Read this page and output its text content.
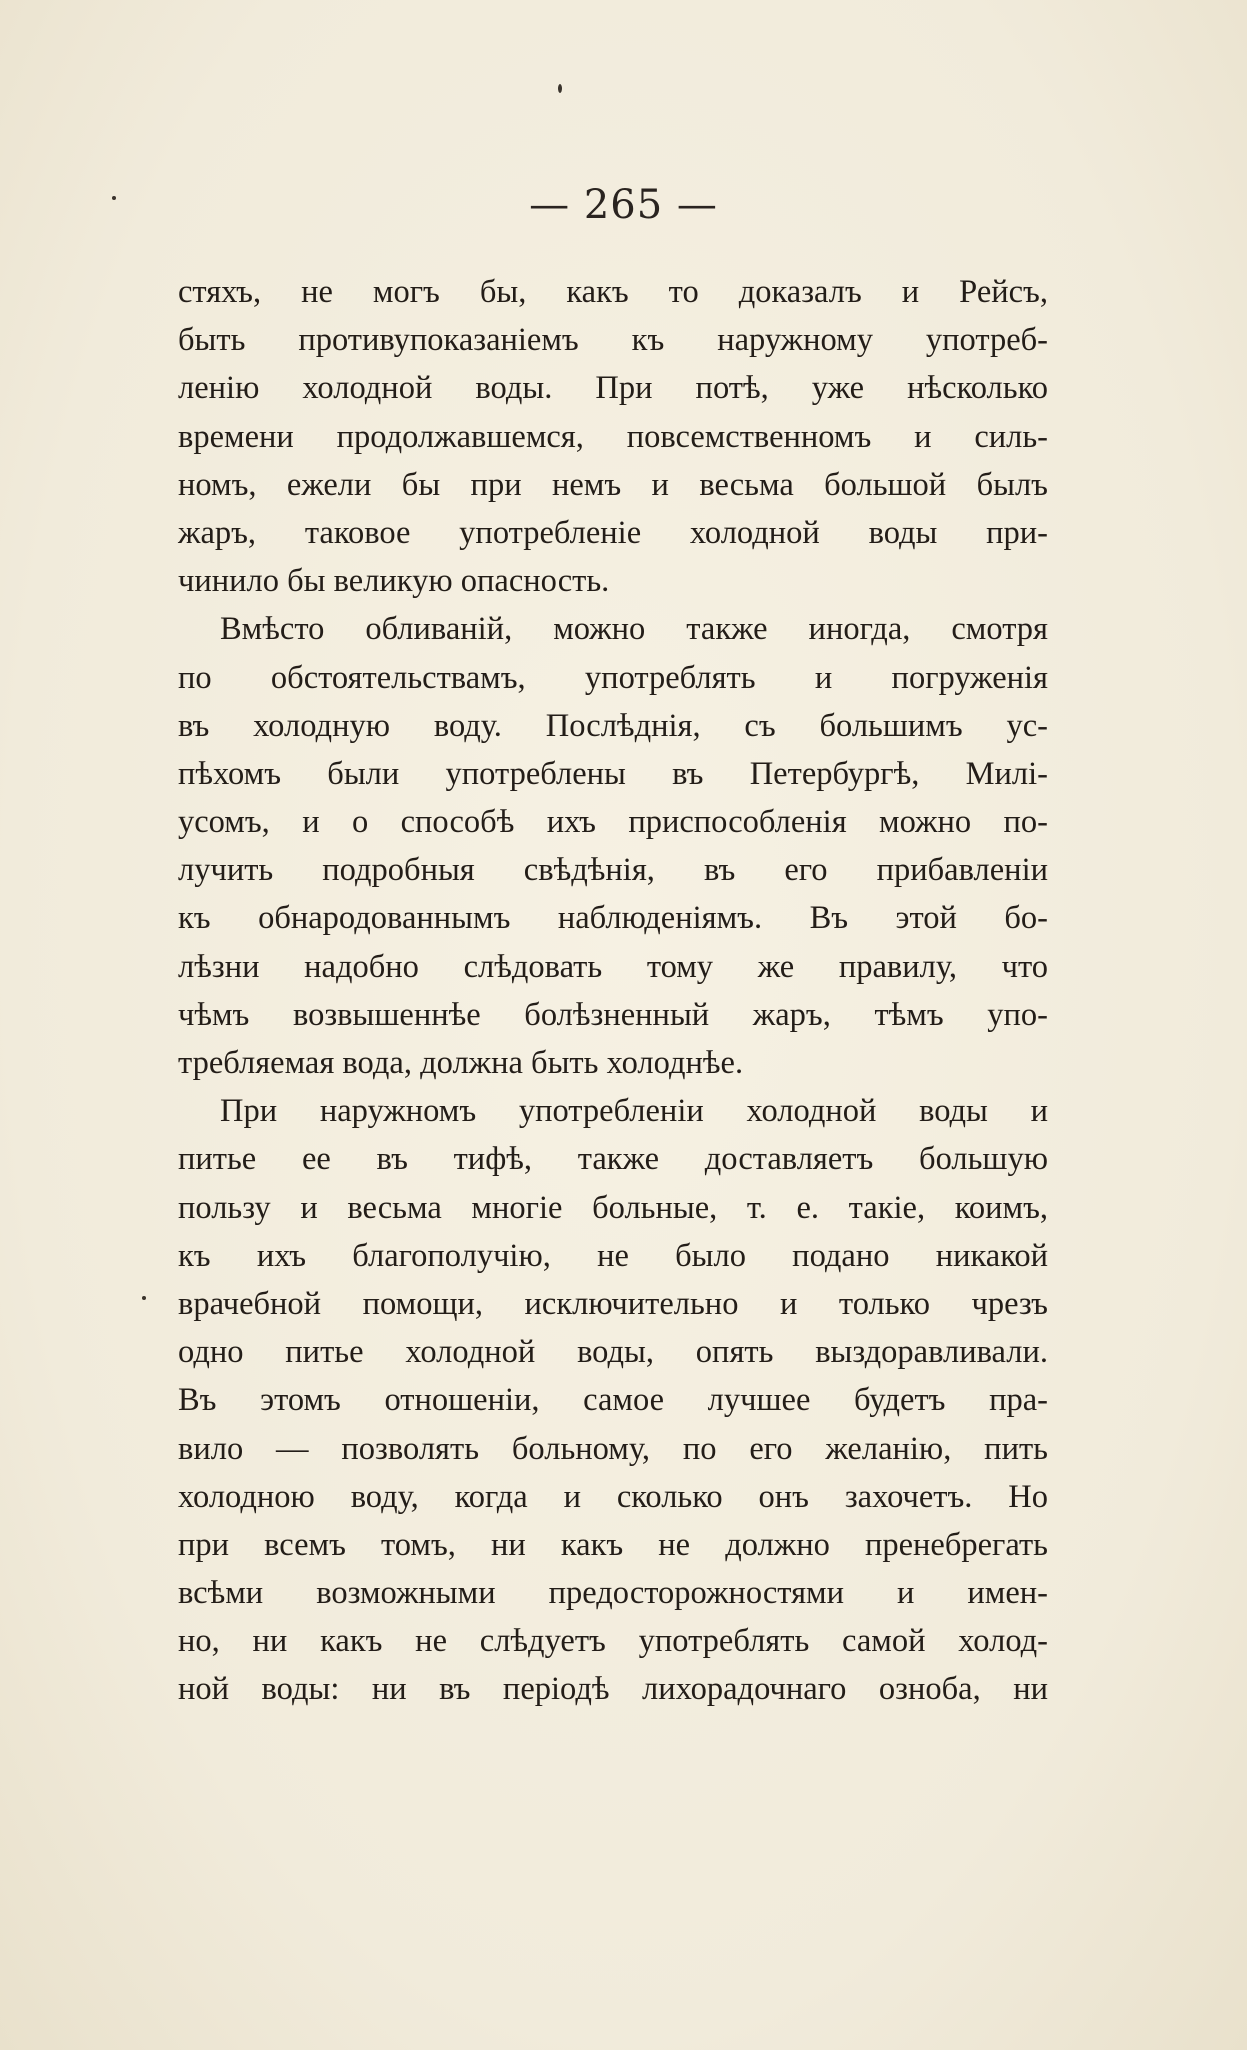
— 265 —
стяхъ, не могъ бы, какъ то доказалъ и Рейсъ,
быть противупоказанiемъ къ наружному употреб-
ленiю холодной воды. При потѣ, уже нѣсколько
времени продолжавшемся, повсемственномъ и силь-
номъ, ежели бы при немъ и весьма большой былъ
жаръ, таковое употребленiе холодной воды при-
чинило бы великую опасность.
Вмѣсто обливанiй, можно также иногда, смотря
по обстоятельствамъ, употреблять и погруженiя
въ холодную воду. Послѣднiя, съ большимъ ус-
пѣхомъ были употреблены въ Петербургѣ, Милi-
усомъ, и о способѣ ихъ приспособленiя можно по-
лучить подробныя свѣдѣнiя, въ его прибавленiи
къ обнародованнымъ наблюденiямъ. Въ этой бо-
лѣзни надобно слѣдовать тому же правилу, что
чѣмъ возвышеннѣе болѣзненный жаръ, тѣмъ упо-
требляемая вода, должна быть холоднѣе.
При наружномъ употребленiи холодной воды и
питье ее въ тифѣ, также доставляетъ большую
пользу и весьма многiе больные, т. е. такiе, коимъ,
къ ихъ благополучiю, не было подано никакой
врачебной помощи, исключительно и только чрезъ
одно питье холодной воды, опять выздоравливали.
Въ этомъ отношенiи, самое лучшее будетъ пра-
вило — позволять больному, по его желанiю, пить
холодною воду, когда и сколько онъ захочетъ. Но
при всемъ томъ, ни какъ не должно пренебрегать
всѣми возможными предосторожностями и имен-
но, ни какъ не слѣдуетъ употреблять самой холод-
ной воды: ни въ перiодѣ лихорадочнаго озноба, ни
